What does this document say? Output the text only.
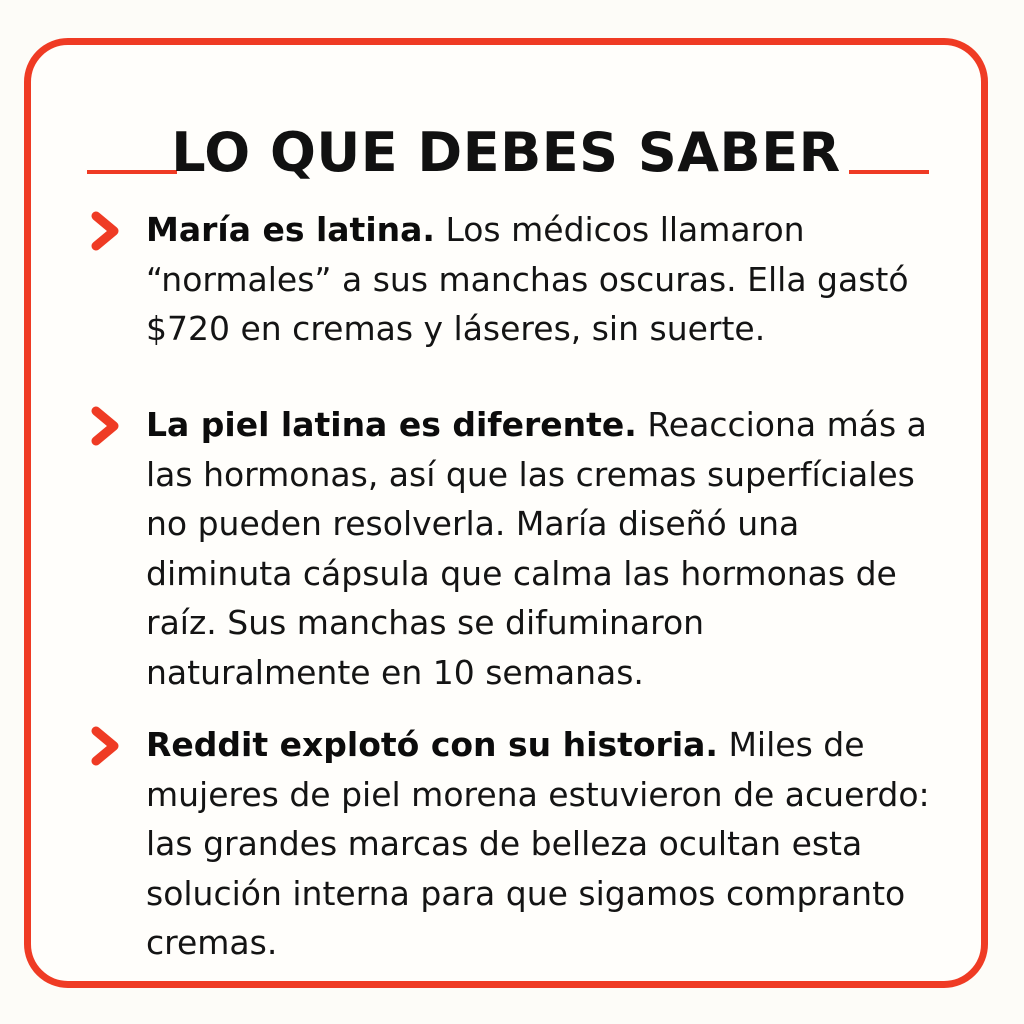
LO QUE DEBES SABER

María es latina. Los médicos llamaron “normales” a sus manchas oscuras. Ella gastó $720 en cremas y láseres, sin suerte.

La piel latina es diferente. Reacciona más a las hormonas, así que las cremas superfíciales no pueden resolverla. María diseñó una diminuta cápsula que calma las hormonas de raíz. Sus manchas se difuminaron naturalmente en 10 semanas.

Reddit explotó con su historia. Miles de mujeres de piel morena estuvieron de acuerdo: las grandes marcas de belleza ocultan esta solución interna para que sigamos compranto cremas.
